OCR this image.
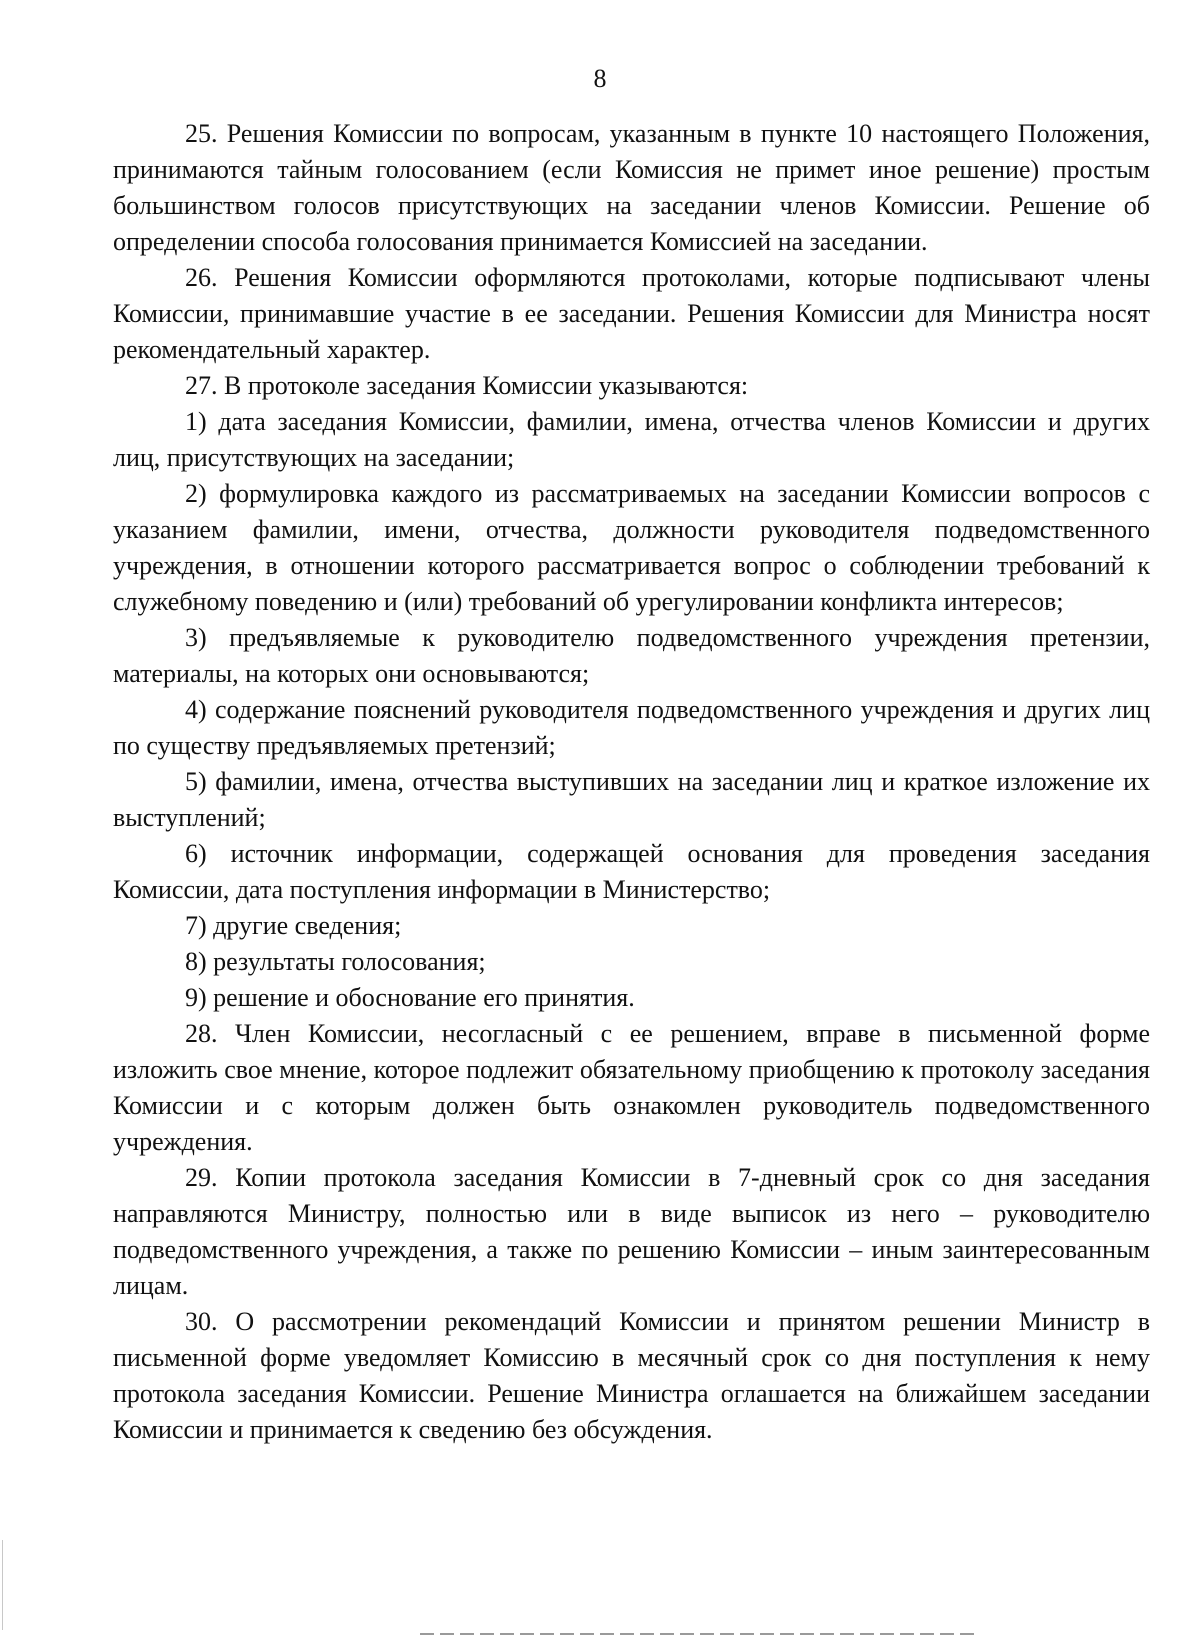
8

25. Решения Комиссии по вопросам, указанным в пункте 10 настоящего Положения, принимаются тайным голосованием (если Комиссия не примет иное решение) простым большинством голосов присутствующих на заседании членов Комиссии. Решение об определении способа голосования принимается Комиссией на заседании.

26. Решения Комиссии оформляются протоколами, которые подписывают члены Комиссии, принимавшие участие в ее заседании. Решения Комиссии для Министра носят рекомендательный характер.

27. В протоколе заседания Комиссии указываются:

1) дата заседания Комиссии, фамилии, имена, отчества членов Комиссии и других лиц, присутствующих на заседании;

2) формулировка каждого из рассматриваемых на заседании Комиссии вопросов с указанием фамилии, имени, отчества, должности руководителя подведомственного учреждения, в отношении которого рассматривается вопрос о соблюдении требований к служебному поведению и (или) требований об урегулировании конфликта интересов;

3) предъявляемые к руководителю подведомственного учреждения претензии, материалы, на которых они основываются;

4) содержание пояснений руководителя подведомственного учреждения и других лиц по существу предъявляемых претензий;

5) фамилии, имена, отчества выступивших на заседании лиц и краткое изложение их выступлений;

6) источник информации, содержащей основания для проведения заседания Комиссии, дата поступления информации в Министерство;

7) другие сведения;

8) результаты голосования;

9) решение и обоснование его принятия.

28. Член Комиссии, несогласный с ее решением, вправе в письменной форме изложить свое мнение, которое подлежит обязательному приобщению к протоколу заседания Комиссии и с которым должен быть ознакомлен руководитель подведомственного учреждения.

29. Копии протокола заседания Комиссии в 7-дневный срок со дня заседания направляются Министру, полностью или в виде выписок из него – руководителю подведомственного учреждения, а также по решению Комиссии – иным заинтересованным лицам.

30. О рассмотрении рекомендаций Комиссии и принятом решении Министр в письменной форме уведомляет Комиссию в месячный срок со дня поступления к нему протокола заседания Комиссии. Решение Министра оглашается на ближайшем заседании Комиссии и принимается к сведению без обсуждения.
